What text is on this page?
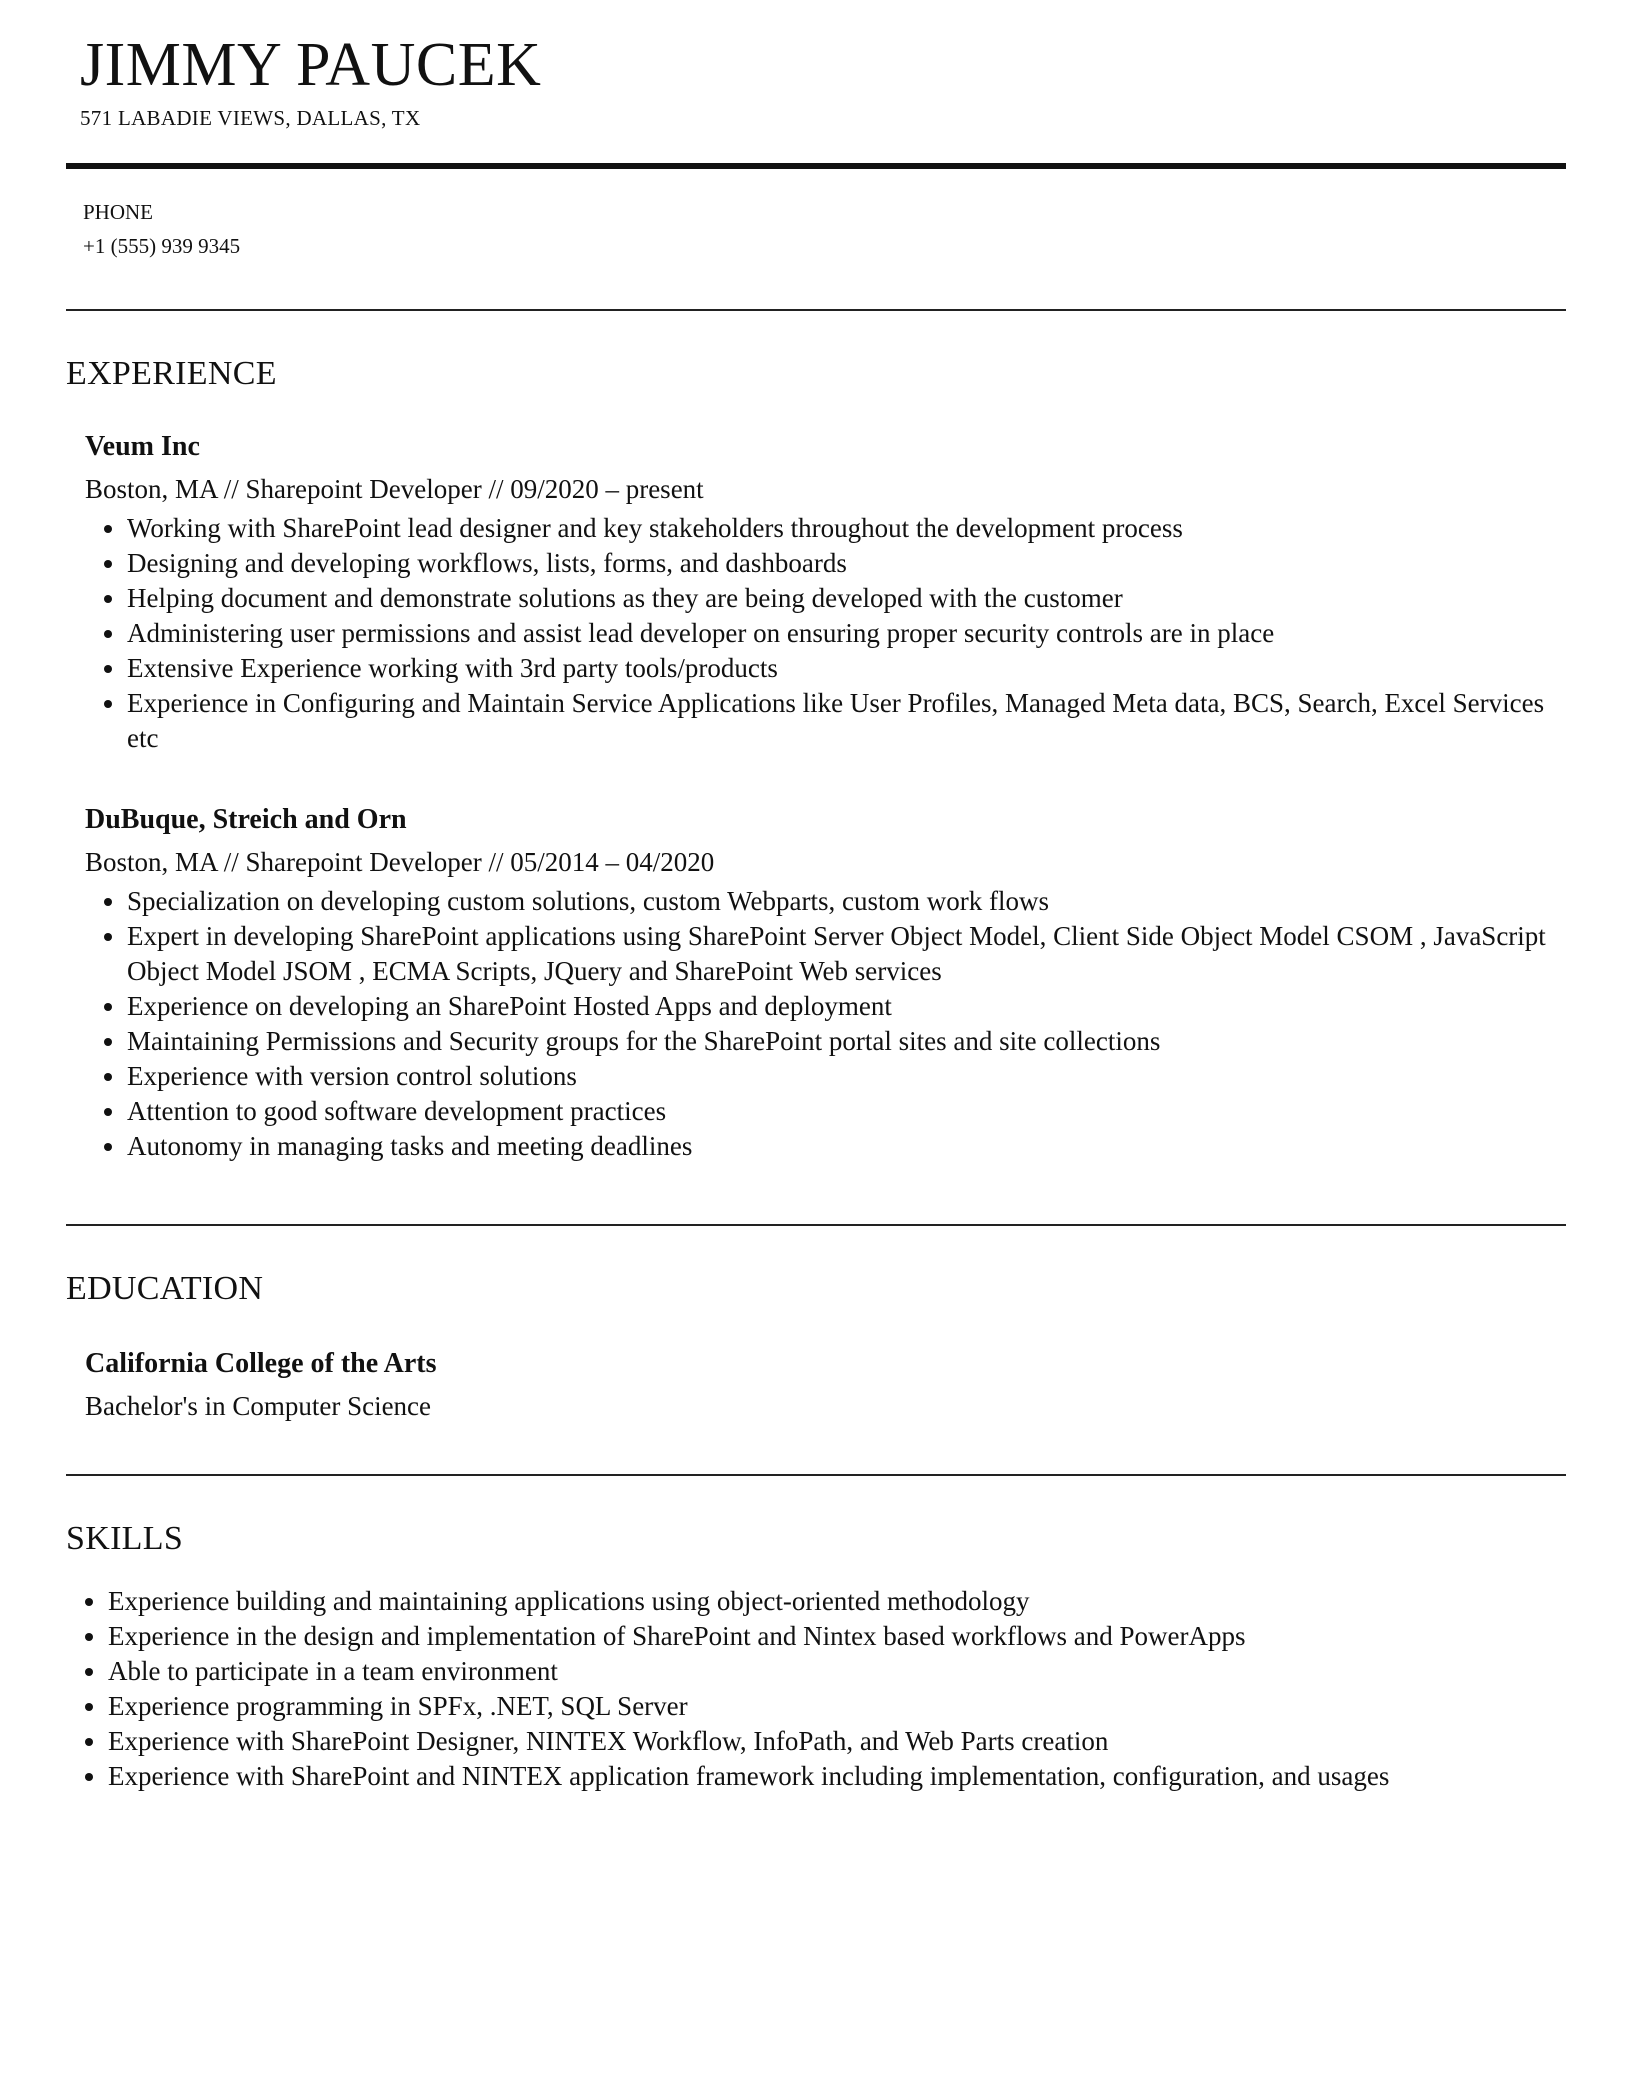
JIMMY PAUCEK
571 LABADIE VIEWS, DALLAS, TX
PHONE
+1 (555) 939 9345
EXPERIENCE
Veum Inc
Boston, MA // Sharepoint Developer // 09/2020 – present
• Working with SharePoint lead designer and key stakeholders throughout the development process
• Designing and developing workflows, lists, forms, and dashboards
• Helping document and demonstrate solutions as they are being developed with the customer
• Administering user permissions and assist lead developer on ensuring proper security controls are in place
• Extensive Experience working with 3rd party tools/products
• Experience in Configuring and Maintain Service Applications like User Profiles, Managed Meta data, BCS, Search, Excel Services etc
DuBuque, Streich and Orn
Boston, MA // Sharepoint Developer // 05/2014 – 04/2020
• Specialization on developing custom solutions, custom Webparts, custom work flows
• Expert in developing SharePoint applications using SharePoint Server Object Model, Client Side Object Model CSOM , JavaScript Object Model JSOM , ECMA Scripts, JQuery and SharePoint Web services
• Experience on developing an SharePoint Hosted Apps and deployment
• Maintaining Permissions and Security groups for the SharePoint portal sites and site collections
• Experience with version control solutions
• Attention to good software development practices
• Autonomy in managing tasks and meeting deadlines
EDUCATION
California College of the Arts
Bachelor's in Computer Science
SKILLS
• Experience building and maintaining applications using object-oriented methodology
• Experience in the design and implementation of SharePoint and Nintex based workflows and PowerApps
• Able to participate in a team environment
• Experience programming in SPFx, .NET, SQL Server
• Experience with SharePoint Designer, NINTEX Workflow, InfoPath, and Web Parts creation
• Experience with SharePoint and NINTEX application framework including implementation, configuration, and usages
